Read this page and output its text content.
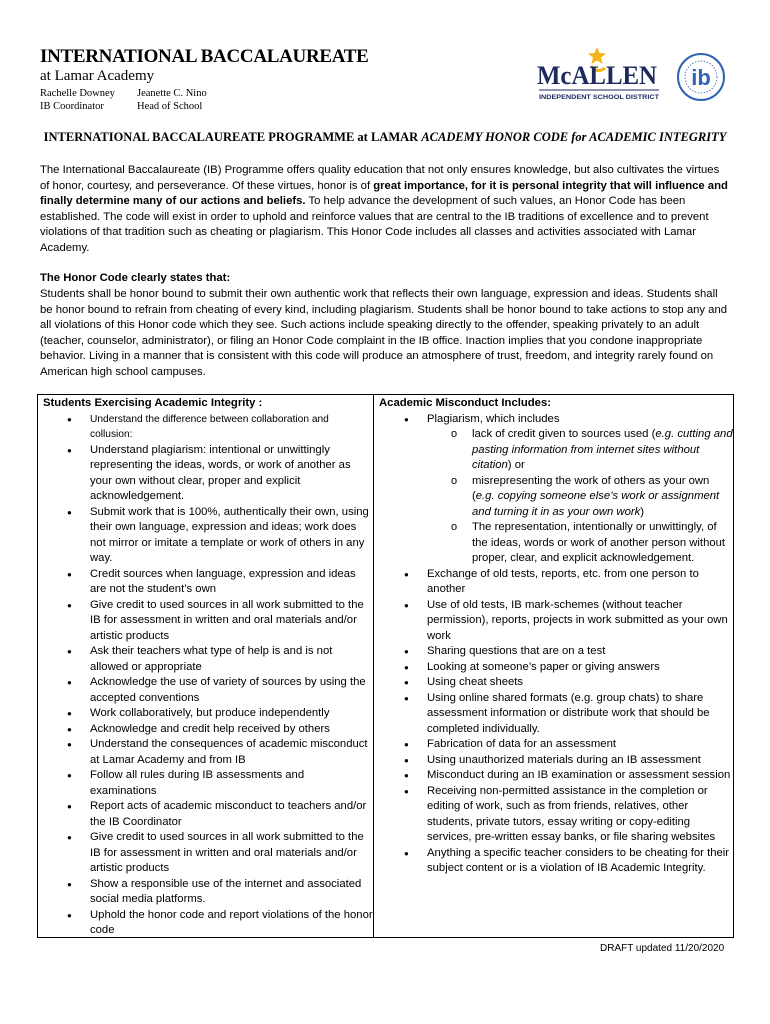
INTERNATIONAL BACCALAUREATE
at Lamar Academy
Rachelle Downey
IB Coordinator
Jeanette C. Nino
Head of School
McALLEN
INDEPENDENT SCHOOL DISTRICT
ib
INTERNATIONAL BACCALAUREATE PROGRAMME at LAMAR ACADEMY HONOR CODE for ACADEMIC INTEGRITY
The International Baccalaureate (IB) Programme offers quality education that not only ensures knowledge, but also cultivates the virtues of honor, courtesy, and perseverance. Of these virtues, honor is of great importance, for it is personal integrity that will influence and finally determine many of our actions and beliefs. To help advance the development of such values, an Honor Code has been established. The code will exist in order to uphold and reinforce values that are central to the IB traditions of excellence and to prevent violations of that tradition such as cheating or plagiarism. This Honor Code includes all classes and activities associated with Lamar Academy.
The Honor Code clearly states that:
Students shall be honor bound to submit their own authentic work that reflects their own language, expression and ideas. Students shall be honor bound to refrain from cheating of every kind, including plagiarism. Students shall be honor bound to take actions to stop any and all violations of this Honor code which they see. Such actions include speaking directly to the offender, speaking privately to an adult (teacher, counselor, administrator), or filing an Honor Code complaint in the IB office. Inaction implies that you condone inappropriate behavior. Living in a manner that is consistent with this code will produce an atmosphere of trust, freedom, and integrity rarely found on American high school campuses.
Students Exercising Academic Integrity :
● Understand the difference between collaboration and collusion:
● Understand plagiarism: intentional or unwittingly representing the ideas, words, or work of another as your own without clear, proper and explicit acknowledgement.
● Submit work that is 100%, authentically their own, using their own language, expression and ideas; work does not mirror or imitate a template or work of others in any way.
● Credit sources when language, expression and ideas are not the student’s own
● Give credit to used sources in all work submitted to the IB for assessment in written and oral materials and/or artistic products
● Ask their teachers what type of help is and is not allowed or appropriate
● Acknowledge the use of variety of sources by using the accepted conventions
● Work collaboratively, but produce independently
● Acknowledge and credit help received by others
● Understand the consequences of academic misconduct at Lamar Academy and from IB
● Follow all rules during IB assessments and examinations
● Report acts of academic misconduct to teachers and/or the IB Coordinator
● Give credit to used sources in all work submitted to the IB for assessment in written and oral materials and/or artistic products
● Show a responsible use of the internet and associated social media platforms.
● Uphold the honor code and report violations of the honor code
Academic Misconduct Includes:
● Plagiarism, which includes
o lack of credit given to sources used (e.g. cutting and pasting information from internet sites without citation) or
o misrepresenting the work of others as your own (e.g. copying someone else’s work or assignment and turning it in as your own work)
o The representation, intentionally or unwittingly, of the ideas, words or work of another person without proper, clear, and explicit acknowledgement.
● Exchange of old tests, reports, etc. from one person to another
● Use of old tests, IB mark-schemes (without teacher permission), reports, projects in work submitted as your own work
● Sharing questions that are on a test
● Looking at someone’s paper or giving answers
● Using cheat sheets
● Using online shared formats (e.g. group chats) to share assessment information or distribute work that should be completed individually.
● Fabrication of data for an assessment
● Using unauthorized materials during an IB assessment
● Misconduct during an IB examination or assessment session
● Receiving non-permitted assistance in the completion or editing of work, such as from friends, relatives, other students, private tutors, essay writing or copy-editing services, pre-written essay banks, or file sharing websites
● Anything a specific teacher considers to be cheating for their subject content or is a violation of IB Academic Integrity.
DRAFT updated 11/20/2020
